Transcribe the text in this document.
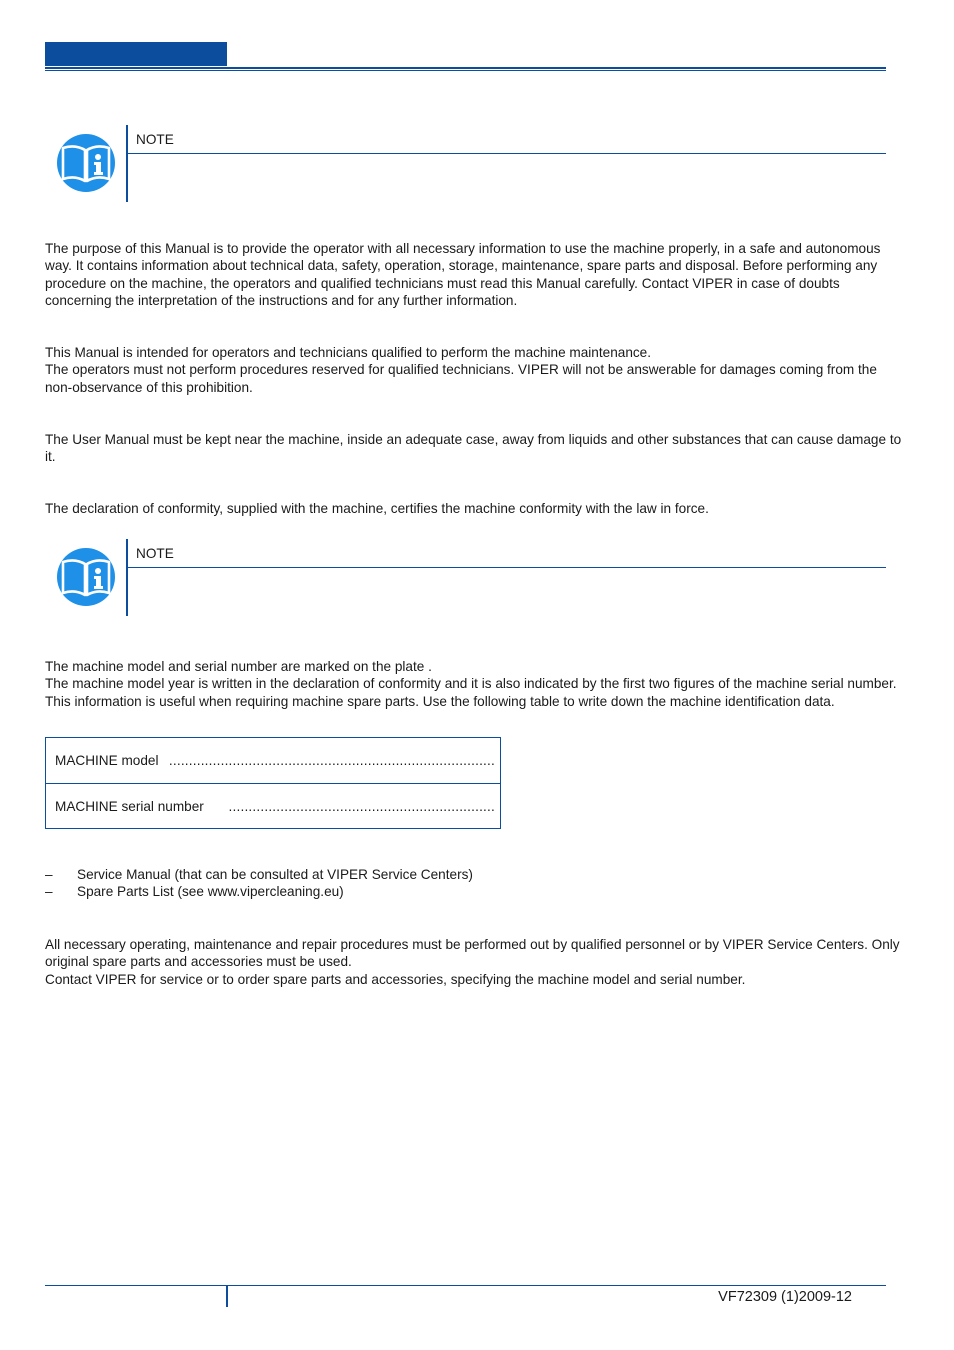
NOTE

The purpose of this Manual is to provide the operator with all necessary information to use the machine properly, in a safe and autonomous way. It contains information about technical data, safety, operation, storage, maintenance, spare parts and disposal. Before performing any procedure on the machine, the operators and qualified technicians must read this Manual carefully. Contact VIPER in case of doubts concerning the interpretation of the instructions and for any further information.

This Manual is intended for operators and technicians qualified to perform the machine maintenance.

The operators must not perform procedures reserved for qualified technicians. VIPER will not be answerable for damages coming from the non-observance of this prohibition.

The User Manual must be kept near the machine, inside an adequate case, away from liquids and other substances that can cause damage to it.

The declaration of conformity, supplied with the machine, certifies the machine conformity with the law in force.

NOTE

The machine model and serial number are marked on the plate .

The machine model year is written in the declaration of conformity and it is also indicated by the first two figures of the machine serial number.

This information is useful when requiring machine spare parts. Use the following table to write down the machine identification data.

MACHINE model ..................................................................................
MACHINE serial number ...................................................................
– Service Manual (that can be consulted at VIPER Service Centers)
– Spare Parts List (see www.vipercleaning.eu)

All necessary operating, maintenance and repair procedures must be performed out by qualified personnel or by VIPER Service Centers. Only original spare parts and accessories must be used.

Contact VIPER for service or to order spare parts and accessories, specifying the machine model and serial number.

VF72309 (1)2009-12
